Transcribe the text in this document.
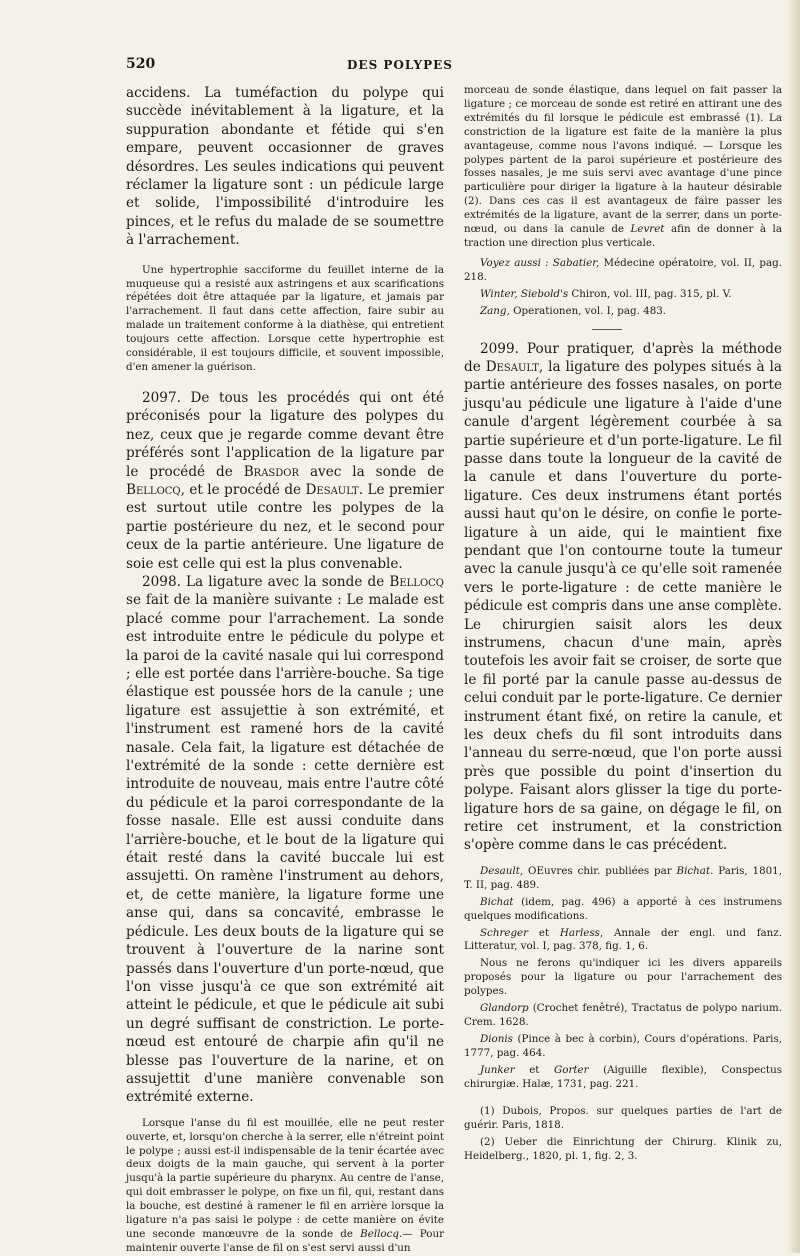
520	DES POLYPES

accidens. La tuméfaction du polype qui succède inévitablement à la ligature, et la suppuration abondante et fétide qui s'en empare, peuvent occasionner de graves désordres. Les seules indications qui peuvent réclamer la ligature sont : un pédicule large et solide, l'impossibilité d'introduire les pinces, et le refus du malade de se soumettre à l'arrachement.

Une hypertrophie sacciforme du feuillet interne de la muqueuse qui a resisté aux astringens et aux scarifications répétées doit être attaquée par la ligature, et jamais par l'arrachement. Il faut dans cette affection, faire subir au malade un traitement conforme à la diathèse, qui entretient toujours cette affection. Lorsque cette hypertrophie est considérable, il est toujours difficile, et souvent impossible, d'en amener la guérison.

2097. De tous les procédés qui ont été préconisés pour la ligature des polypes du nez, ceux que je regarde comme devant être préférés sont l'application de la ligature par le procédé de Brasdor avec la sonde de Bellocq, et le procédé de Desault. Le premier est surtout utile contre les polypes de la partie postérieure du nez, et le second pour ceux de la partie antérieure. Une ligature de soie est celle qui est la plus convenable.

2098. La ligature avec la sonde de Bellocq se fait de la manière suivante : Le malade est placé comme pour l'arrachement. La sonde est introduite entre le pédicule du polype et la paroi de la cavité nasale qui lui correspond ; elle est portée dans l'arrière-bouche. Sa tige élastique est poussée hors de la canule ; une ligature est assujettie à son extrémité, et l'instrument est ramené hors de la cavité nasale. Cela fait, la ligature est détachée de l'extrémité de la sonde : cette dernière est introduite de nouveau, mais entre l'autre côté du pédicule et la paroi correspondante de la fosse nasale. Elle est aussi conduite dans l'arrière-bouche, et le bout de la ligature qui était resté dans la cavité buccale lui est assujetti. On ramène l'instrument au dehors, et, de cette manière, la ligature forme une anse qui, dans sa concavité, embrasse le pédicule. Les deux bouts de la ligature qui se trouvent à l'ouverture de la narine sont passés dans l'ouverture d'un porte-nœud, que l'on visse jusqu'à ce que son extrémité ait atteint le pédicule, et que le pédicule ait subi un degré suffisant de constriction. Le porte-nœud est entouré de charpie afin qu'il ne blesse pas l'ouverture de la narine, et on assujettit d'une manière convenable son extrémité externe.

Lorsque l'anse du fil est mouillée, elle ne peut rester ouverte, et, lorsqu'on cherche à la serrer, elle n'étreint point le polype ; aussi est-il indispensable de la tenir écartée avec deux doigts de la main gauche, qui servent à la porter jusqu'à la partie supérieure du pharynx. Au centre de l'anse, qui doit embrasser le polype, on fixe un fil, qui, restant dans la bouche, est destiné à ramener le fil en arrière lorsque la ligature n'a pas saisi le polype : de cette manière on évite une seconde manœuvre de la sonde de Bellocq.— Pour maintenir ouverte l'anse de fil on s'est servi aussi d'un

morceau de sonde élastique, dans lequel on fait passer la ligature ; ce morceau de sonde est retiré en attirant une des extrémités du fil lorsque le pédicule est embrassé (1). La constriction de la ligature est faite de la manière la plus avantageuse, comme nous l'avons indiqué. — Lorsque les polypes partent de la paroi supérieure et postérieure des fosses nasales, je me suis servi avec avantage d'une pince particulière pour diriger la ligature à la hauteur désirable (2). Dans ces cas il est avantageux de faire passer les extrémités de la ligature, avant de la serrer, dans un porte-nœud, ou dans la canule de Levret afin de donner à la traction une direction plus verticale.

Voyez aussi : Sabatier, Médecine opératoire, vol. II, pag. 218.

Winter, Siebold's Chiron, vol. III, pag. 315, pl. V.

Zang, Operationen, vol. I, pag. 483.

2099. Pour pratiquer, d'après la méthode de Desault, la ligature des polypes situés à la partie antérieure des fosses nasales, on porte jusqu'au pédicule une ligature à l'aide d'une canule d'argent légèrement courbée à sa partie supérieure et d'un porte-ligature. Le fil passe dans toute la longueur de la cavité de la canule et dans l'ouverture du porte-ligature. Ces deux instrumens étant portés aussi haut qu'on le désire, on confie le porte-ligature à un aide, qui le maintient fixe pendant que l'on contourne toute la tumeur avec la canule jusqu'à ce qu'elle soit ramenée vers le porte-ligature : de cette manière le pédicule est compris dans une anse complète. Le chirurgien saisit alors les deux instrumens, chacun d'une main, après toutefois les avoir fait se croiser, de sorte que le fil porté par la canule passe au-dessus de celui conduit par le porte-ligature. Ce dernier instrument étant fixé, on retire la canule, et les deux chefs du fil sont introduits dans l'anneau du serre-nœud, que l'on porte aussi près que possible du point d'insertion du polype. Faisant alors glisser la tige du porte-ligature hors de sa gaine, on dégage le fil, on retire cet instrument, et la constriction s'opère comme dans le cas précédent.

Desault, OEuvres chir. publiées par Bichat. Paris, 1801, T. II, pag. 489.

Bichat (idem, pag. 496) a apporté à ces instrumens quelques modifications.

Schreger et Harless, Annale der engl. und fanz. Litteratur, vol. I, pag. 378, fig. 1, 6.

Nous ne ferons qu'indiquer ici les divers appareils proposés pour la ligature ou pour l'arrachement des polypes.

Glandorp (Crochet fenêtré), Tractatus de polypo narium. Crem. 1628.

Dionis (Pince à bec à corbin), Cours d'opérations. Paris, 1777, pag. 464.

Junker et Gorter (Aiguille flexible), Conspectus chirurgiæ. Halæ, 1731, pag. 221.

(1) Dubois, Propos. sur quelques parties de l'art de guérir. Paris, 1818.

(2) Ueber die Einrichtung der Chirurg. Klinik zu, Heidelberg., 1820, pl. 1, fig. 2, 3.
